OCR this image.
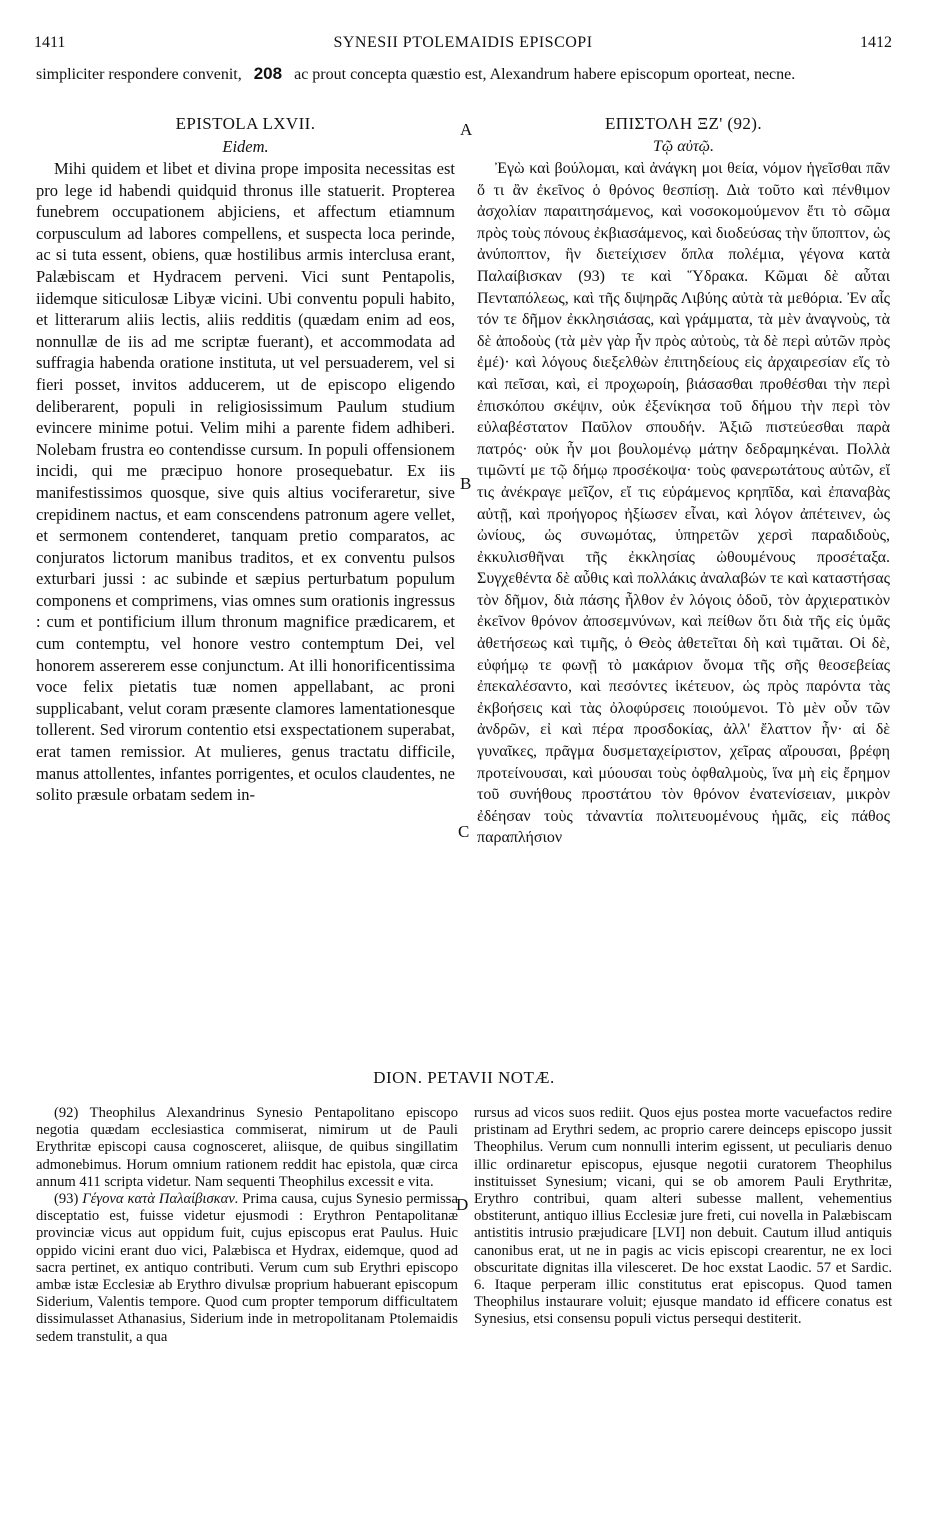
1411	SYNESII PTOLEMAIDIS EPISCOPI	1412
simpliciter respondere convenit, 208 ac prout concepta quæstio est, Alexandrum habere episcopum oporteat, necne.
EPISTOLA LXVII.
Eidem.

Mihi quidem et libet et divina prope imposita necessitas est pro lege id habendi quidquid thronus ille statuerit. Propterea funebrem occupationem abjiciens, et affectum etiamnum corpusculum ad labores compellens, et suspecta loca perinde, ac si tuta essent, obiens, quæ hostilibus armis interclusa erant, Palæbiscam et Hydracem perveni. Vici sunt Pentapolis, iidemque siticulosæ Libyæ vicini. Ubi conventu populi habito, et litterarum aliis lectis, aliis redditis (quædam enim ad eos, nonnullæ de iis ad me scriptæ fuerant), et accommodata ad suffragia habenda oratione instituta, ut vel persuaderem, vel si fieri posset, invitos adducerem, ut de episcopo eligendo deliberarent, populi in religiosissimum Paulum studium evincere minime potui. Velim mihi a parente fidem adhiberi. Nolebam frustra eo contendisse cursum. In populi offensionem incidi, qui me præcipuo honore prosequebatur. Ex iis manifestissimos quosque, sive quis altius vociferaretur, sive crepidinem nactus, et eam conscendens patronum agere vellet, et sermonem contenderet, tanquam pretio comparatos, ac conjuratos lictorum manibus traditos, et ex conventu pulsos exturbari jussi : ac subinde et sæpius perturbatum populum componens et comprimens, vias omnes sum orationis ingressus : cum et pontificium illum thronum magnifice prædicarem, et cum contemptu, vel honore vestro contemptum Dei, vel honorem assererem esse conjunctum. At illi honorificentissima voce felix pietatis tuæ nomen appellabant, ac proni supplicabant, velut coram præsente clamores lamentationesque tollerent. Sed virorum contentio etsi exspectationem superabat, erat tamen remissior. At mulieres, genus tractatu difficile, manus attollentes, infantes porrigentes, et oculos claudentes, ne solito præsule orbatam sedem in-

ΕΠΙΣΤΟΛΗ ΞΖ' (92).
Τῷ αὐτῷ.

Ἐγὼ καὶ βούλομαι, καὶ ἀνάγκη μοι θεία, νόμον ἡγεῖσθαι πᾶν ὅ τι ἂν ἐκεῖνος ὁ θρόνος θεσπίσῃ. Διὰ τοῦτο καὶ πένθιμον ἀσχολίαν παραιτησάμενος, καὶ νοσοκομούμενον ἔτι τὸ σῶμα πρὸς τοὺς πόνους ἐκβιασάμενος, καὶ διοδεύσας τὴν ὕποπτον, ὡς ἀνύποπτον, ἣν διετείχισεν ὅπλα πολέμια, γέγονα κατὰ Παλαίβισκαν (93) τε καὶ Ὕδρακα. Κῶμαι δὲ αὗται Πενταπόλεως, καὶ τῆς διψηρᾶς Λιβύης αὐτὰ τὰ μεθόρια. Ἐν αἷς τόν τε δῆμον ἐκκλησιάσας, καὶ γράμματα, τὰ μὲν ἀναγνοὺς, τὰ δὲ ἀποδοὺς (τὰ μὲν γὰρ ἦν πρὸς αὐτοὺς, τὰ δὲ περὶ αὐτῶν πρὸς ἐμέ)· καὶ λόγους διεξελθὼν ἐπιτηδείους εἰς ἀρχαιρεσίαν εἴς τὸ καὶ πεῖσαι, καὶ, εἰ προχωροίη, βιάσασθαι προθέσθαι τὴν περὶ ἐπισκόπου σκέψιν, οὐκ ἐξενίκησα τοῦ δήμου τὴν περὶ τὸν εὐλαβέστατον Παῦλον σπουδήν. Ἀξιῶ πιστεύεσθαι παρὰ πατρός· οὐκ ἦν μοι βουλομένῳ μάτην δεδραμηκέναι. Πολλὰ τιμῶντί με τῷ δήμῳ προσέκοψα· τοὺς φανερωτάτους αὐτῶν, εἴ τις ἀνέκραγε μεῖζον, εἴ τις εὑράμενος κρηπῖδα, καὶ ἐπαναβὰς αὐτῇ, καὶ προήγορος ἠξίωσεν εἶναι, καὶ λόγον ἀπέτεινεν, ὡς ὠνίους, ὡς συνωμότας, ὑπηρετῶν χερσὶ παραδιδοὺς, ἐκκυλισθῆναι τῆς ἐκκλησίας ὠθουμένους προσέταξα. Συγχεθέντα δὲ αὖθις καὶ πολλάκις ἀναλαβών τε καὶ καταστήσας τὸν δῆμον, διὰ πάσης ἦλθον ἐν λόγοις ὁδοῦ, τὸν ἀρχιερατικὸν ἐκεῖνον θρόνον ἀποσεμνύνων, καὶ πείθων ὅτι διὰ τῆς εἰς ὑμᾶς ἀθετήσεως καὶ τιμῆς, ὁ Θεὸς ἀθετεῖται δὴ καὶ τιμᾶται. Οἱ δὲ, εὐφήμῳ τε φωνῇ τὸ μακάριον ὄνομα τῆς σῆς θεοσεβείας ἐπεκαλέσαντο, καὶ πεσόντες ἱκέτευον, ὡς πρὸς παρόντα τὰς ἐκβοήσεις καὶ τὰς ὀλοφύρσεις ποιούμενοι. Τὸ μὲν οὖν τῶν ἀνδρῶν, εἰ καὶ πέρα προσδοκίας, ἀλλ' ἔλαττον ἦν· αἱ δὲ γυναῖκες, πρᾶγμα δυσμεταχείριστον, χεῖρας αἴρουσαι, βρέφη προτείνουσαι, καὶ μύουσαι τοὺς ὀφθαλμοὺς, ἵνα μὴ εἰς ἔρημον τοῦ συνήθους προστάτου τὸν θρόνον ἐνατενίσειαν, μικρὸν ἐδέησαν τοὺς τἀναντία πολιτευομένους ἡμᾶς, εἰς πάθος παραπλήσιον

A
B
C
D
DION. PETAVII NOTÆ.

(92) Theophilus Alexandrinus Synesio Pentapolitano episcopo negotia quædam ecclesiastica commiserat, nimirum ut de Pauli Erythritæ episcopi causa cognosceret, aliisque, de quibus singillatim admonebimus. Horum omnium rationem reddit hac epistola, quæ circa annum 411 scripta videtur. Nam sequenti Theophilus excessit e vita.

(93) Γέγονα κατὰ Παλαίβισκαν. Prima causa, cujus Synesio permissa disceptatio est, fuisse videtur ejusmodi : Erythron Pentapolitanæ provinciæ vicus aut oppidum fuit, cujus episcopus erat Paulus. Huic oppido vicini erant duo vici, Palæbisca et Hydrax, eidemque, quod ad sacra pertinet, ex antiquo contributi. Verum cum sub Erythri episcopo ambæ istæ Ecclesiæ ab Erythro divulsæ proprium habuerant episcopum Siderium, Valentis tempore. Quod cum propter temporum difficultatem dissimulasset Athanasius, Siderium inde in metropolitanam Ptolemaidis sedem transtulit, a qua

rursus ad vicos suos rediit. Quos ejus postea morte vacuefactos redire pristinam ad Erythri sedem, ac proprio carere deinceps episcopo jussit Theophilus. Verum cum nonnulli interim egissent, ut peculiaris denuo illic ordinaretur episcopus, ejusque negotii curatorem Theophilus instituisset Synesium; vicani, qui se ob amorem Pauli Erythritæ, Erythro contribui, quam alteri subesse mallent, vehementius obstiterunt, antiquo illius Ecclesiæ jure freti, cui novella in Palæbiscam antistitis intrusio præjudicare [LVI] non debuit. Cautum illud antiquis canonibus erat, ut ne in pagis ac vicis episcopi crearentur, ne ex loci obscuritate dignitas illa vilesceret. De hoc exstat Laodic. 57 et Sardic. 6. Itaque perperam illic constitutus erat episcopus. Quod tamen Theophilus instaurare voluit; ejusque mandato id efficere conatus est Synesius, etsi consensu populi victus persequi destiterit.
